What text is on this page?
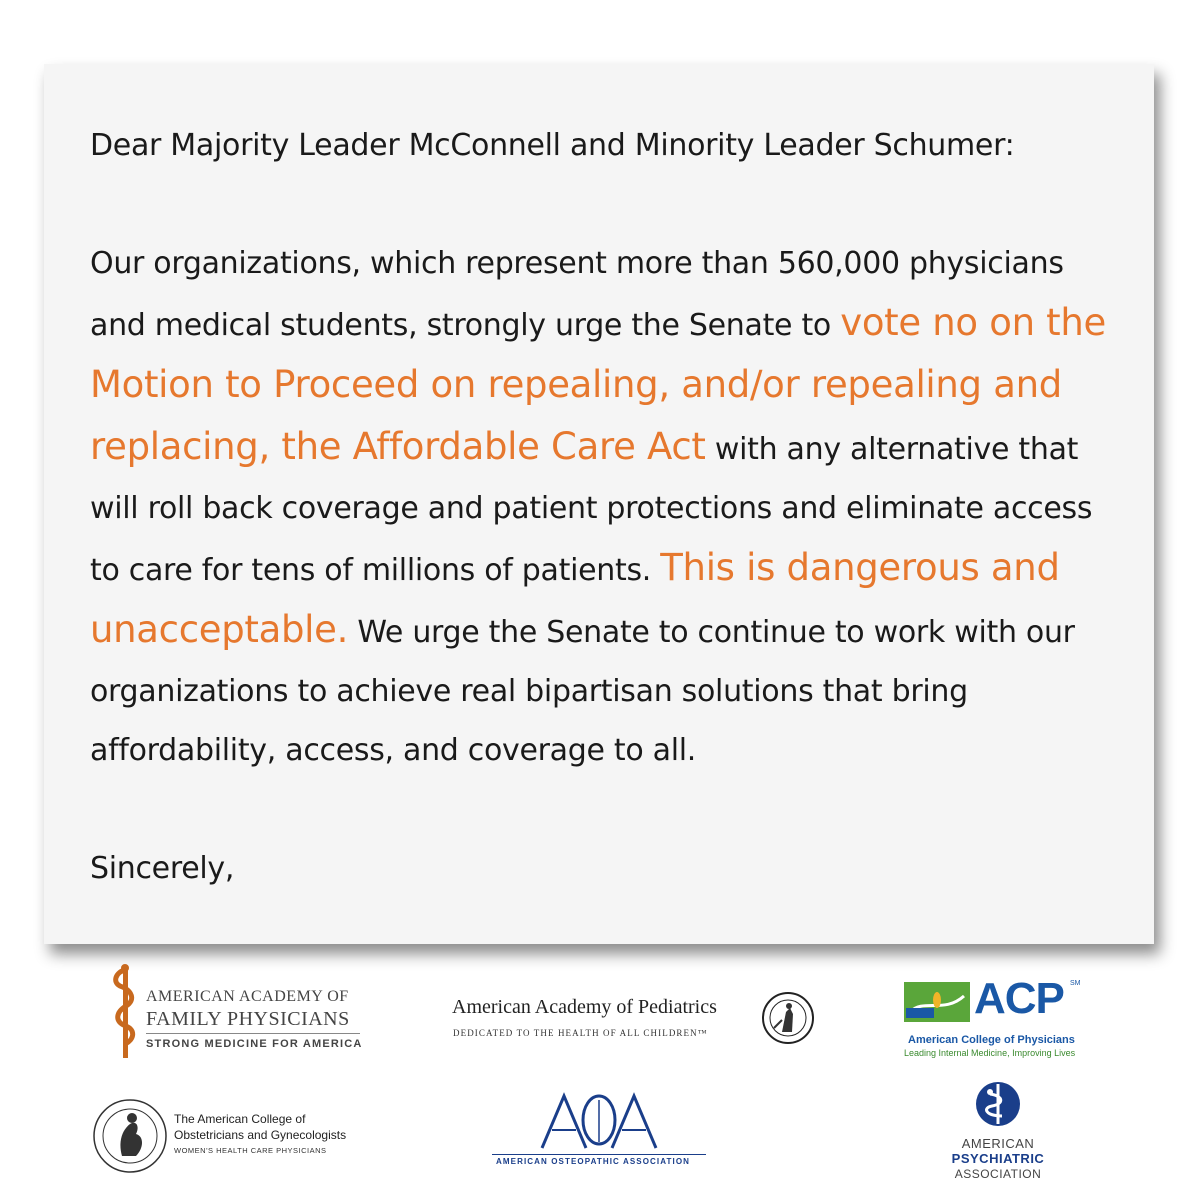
Dear Majority Leader McConnell and Minority Leader Schumer:

Our organizations, which represent more than 560,000 physicians and medical students, strongly urge the Senate to vote no on the Motion to Proceed on repealing, and/or repealing and replacing, the Affordable Care Act with any alternative that will roll back coverage and patient protections and eliminate access to care for tens of millions of patients. This is dangerous and unacceptable. We urge the Senate to continue to work with our organizations to achieve real bipartisan solutions that bring affordability, access, and coverage to all.

Sincerely,

AMERICAN ACADEMY OF
FAMILY PHYSICIANS
STRONG MEDICINE FOR AMERICA
American Academy of Pediatrics
DEDICATED TO THE HEALTH OF ALL CHILDREN™
ACP SM
American College of Physicians
Leading Internal Medicine, Improving Lives
The American College of
Obstetricians and Gynecologists
WOMEN'S HEALTH CARE PHYSICIANS
AMERICAN OSTEOPATHIC ASSOCIATION
AMERICAN
PSYCHIATRIC
ASSOCIATION
